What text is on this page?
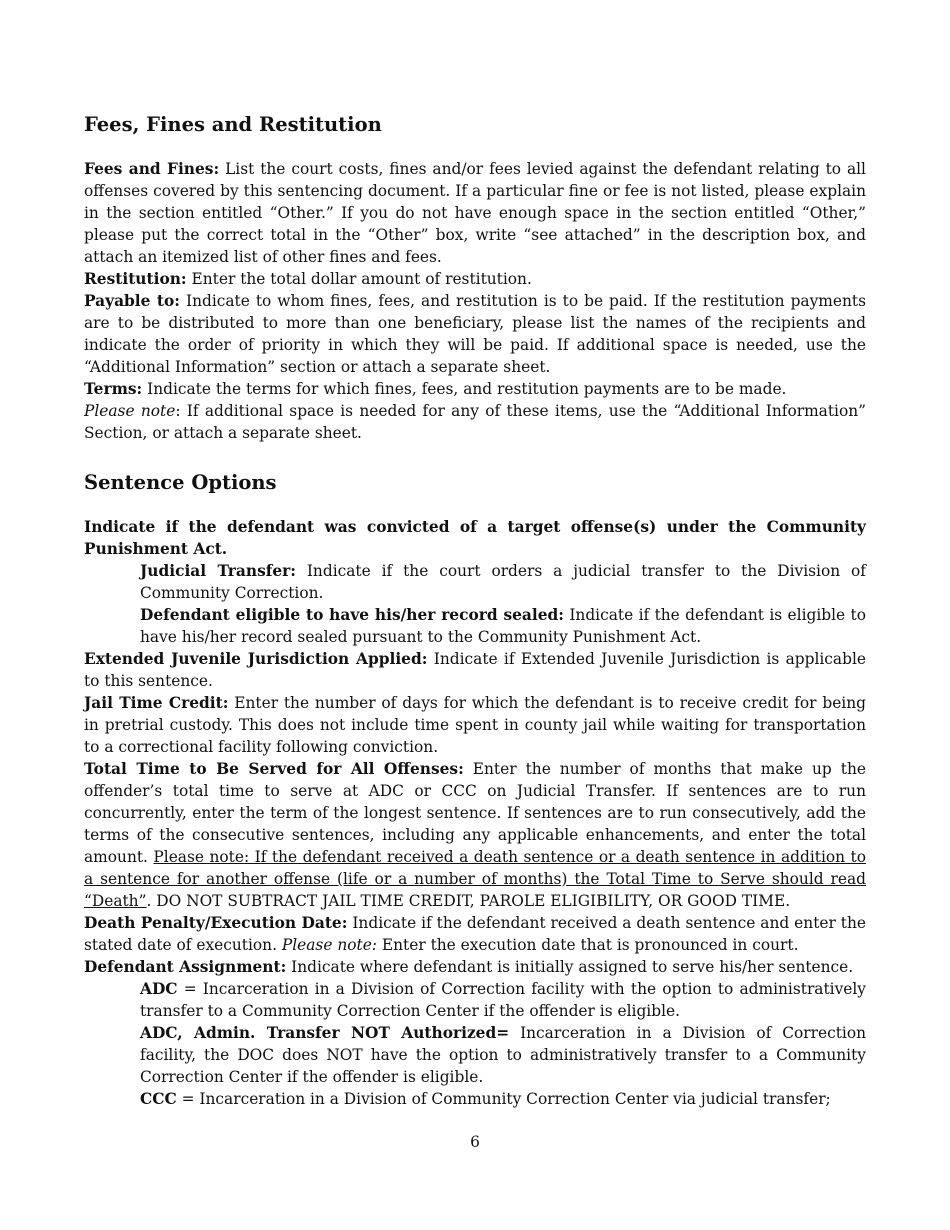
Fees, Fines and Restitution

Fees and Fines: List the court costs, fines and/or fees levied against the defendant relating to all offenses covered by this sentencing document. If a particular fine or fee is not listed, please explain in the section entitled “Other.” If you do not have enough space in the section entitled “Other,” please put the correct total in the “Other” box, write “see attached” in the description box, and attach an itemized list of other fines and fees.

Restitution: Enter the total dollar amount of restitution.

Payable to: Indicate to whom fines, fees, and restitution is to be paid. If the restitution payments are to be distributed to more than one beneficiary, please list the names of the recipients and indicate the order of priority in which they will be paid. If additional space is needed, use the “Additional Information” section or attach a separate sheet.

Terms: Indicate the terms for which fines, fees, and restitution payments are to be made.

Please note: If additional space is needed for any of these items, use the “Additional Information” Section, or attach a separate sheet.

Sentence Options

Indicate if the defendant was convicted of a target offense(s) under the Community Punishment Act.

Judicial Transfer: Indicate if the court orders a judicial transfer to the Division of Community Correction.

Defendant eligible to have his/her record sealed: Indicate if the defendant is eligible to have his/her record sealed pursuant to the Community Punishment Act.

Extended Juvenile Jurisdiction Applied: Indicate if Extended Juvenile Jurisdiction is applicable to this sentence.

Jail Time Credit: Enter the number of days for which the defendant is to receive credit for being in pretrial custody. This does not include time spent in county jail while waiting for transportation to a correctional facility following conviction.

Total Time to Be Served for All Offenses: Enter the number of months that make up the offender’s total time to serve at ADC or CCC on Judicial Transfer. If sentences are to run concurrently, enter the term of the longest sentence. If sentences are to run consecutively, add the terms of the consecutive sentences, including any applicable enhancements, and enter the total amount. Please note: If the defendant received a death sentence or a death sentence in addition to a sentence for another offense (life or a number of months) the Total Time to Serve should read “Death”. DO NOT SUBTRACT JAIL TIME CREDIT, PAROLE ELIGIBILITY, OR GOOD TIME.

Death Penalty/Execution Date: Indicate if the defendant received a death sentence and enter the stated date of execution. Please note: Enter the execution date that is pronounced in court.

Defendant Assignment: Indicate where defendant is initially assigned to serve his/her sentence.

ADC = Incarceration in a Division of Correction facility with the option to administratively transfer to a Community Correction Center if the offender is eligible.

ADC, Admin. Transfer NOT Authorized= Incarceration in a Division of Correction facility, the DOC does NOT have the option to administratively transfer to a Community Correction Center if the offender is eligible.

CCC = Incarceration in a Division of Community Correction Center via judicial transfer;

6
